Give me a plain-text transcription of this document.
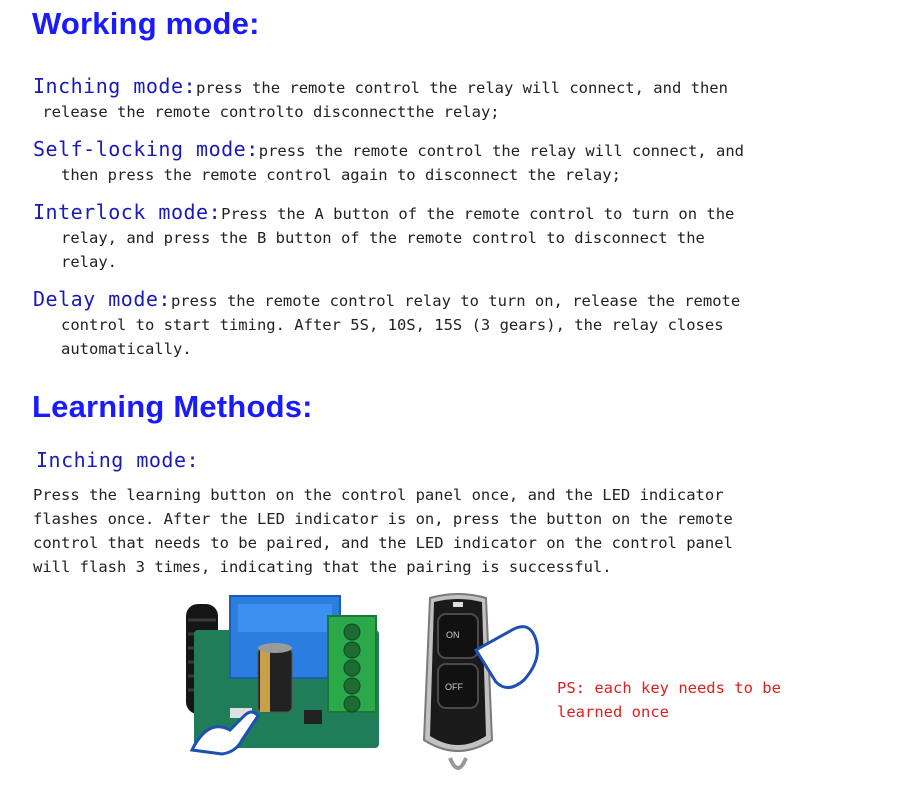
Working mode:
Inching mode:press the remote control the relay will connect, and then
release the remote controlto disconnectthe relay;
Self-locking mode:press the remote control the relay will connect, and
then press the remote control again to disconnect the relay;
Interlock mode:Press the A button of the remote control to turn on the
relay, and press the B button of the remote control to disconnect the
relay.
Delay mode:press the remote control relay to turn on, release the remote
control to start timing. After 5S, 10S, 15S (3 gears), the relay closes
automatically.
Learning Methods:
Inching mode:
Press the learning button on the control panel once, and the LED indicator
flashes once. After the LED indicator is on, press the button on the remote
control that needs to be paired, and the LED indicator on the control panel
will flash 3 times, indicating that the pairing is successful.
ON
OFF	PS: each key needs to be
learned once
